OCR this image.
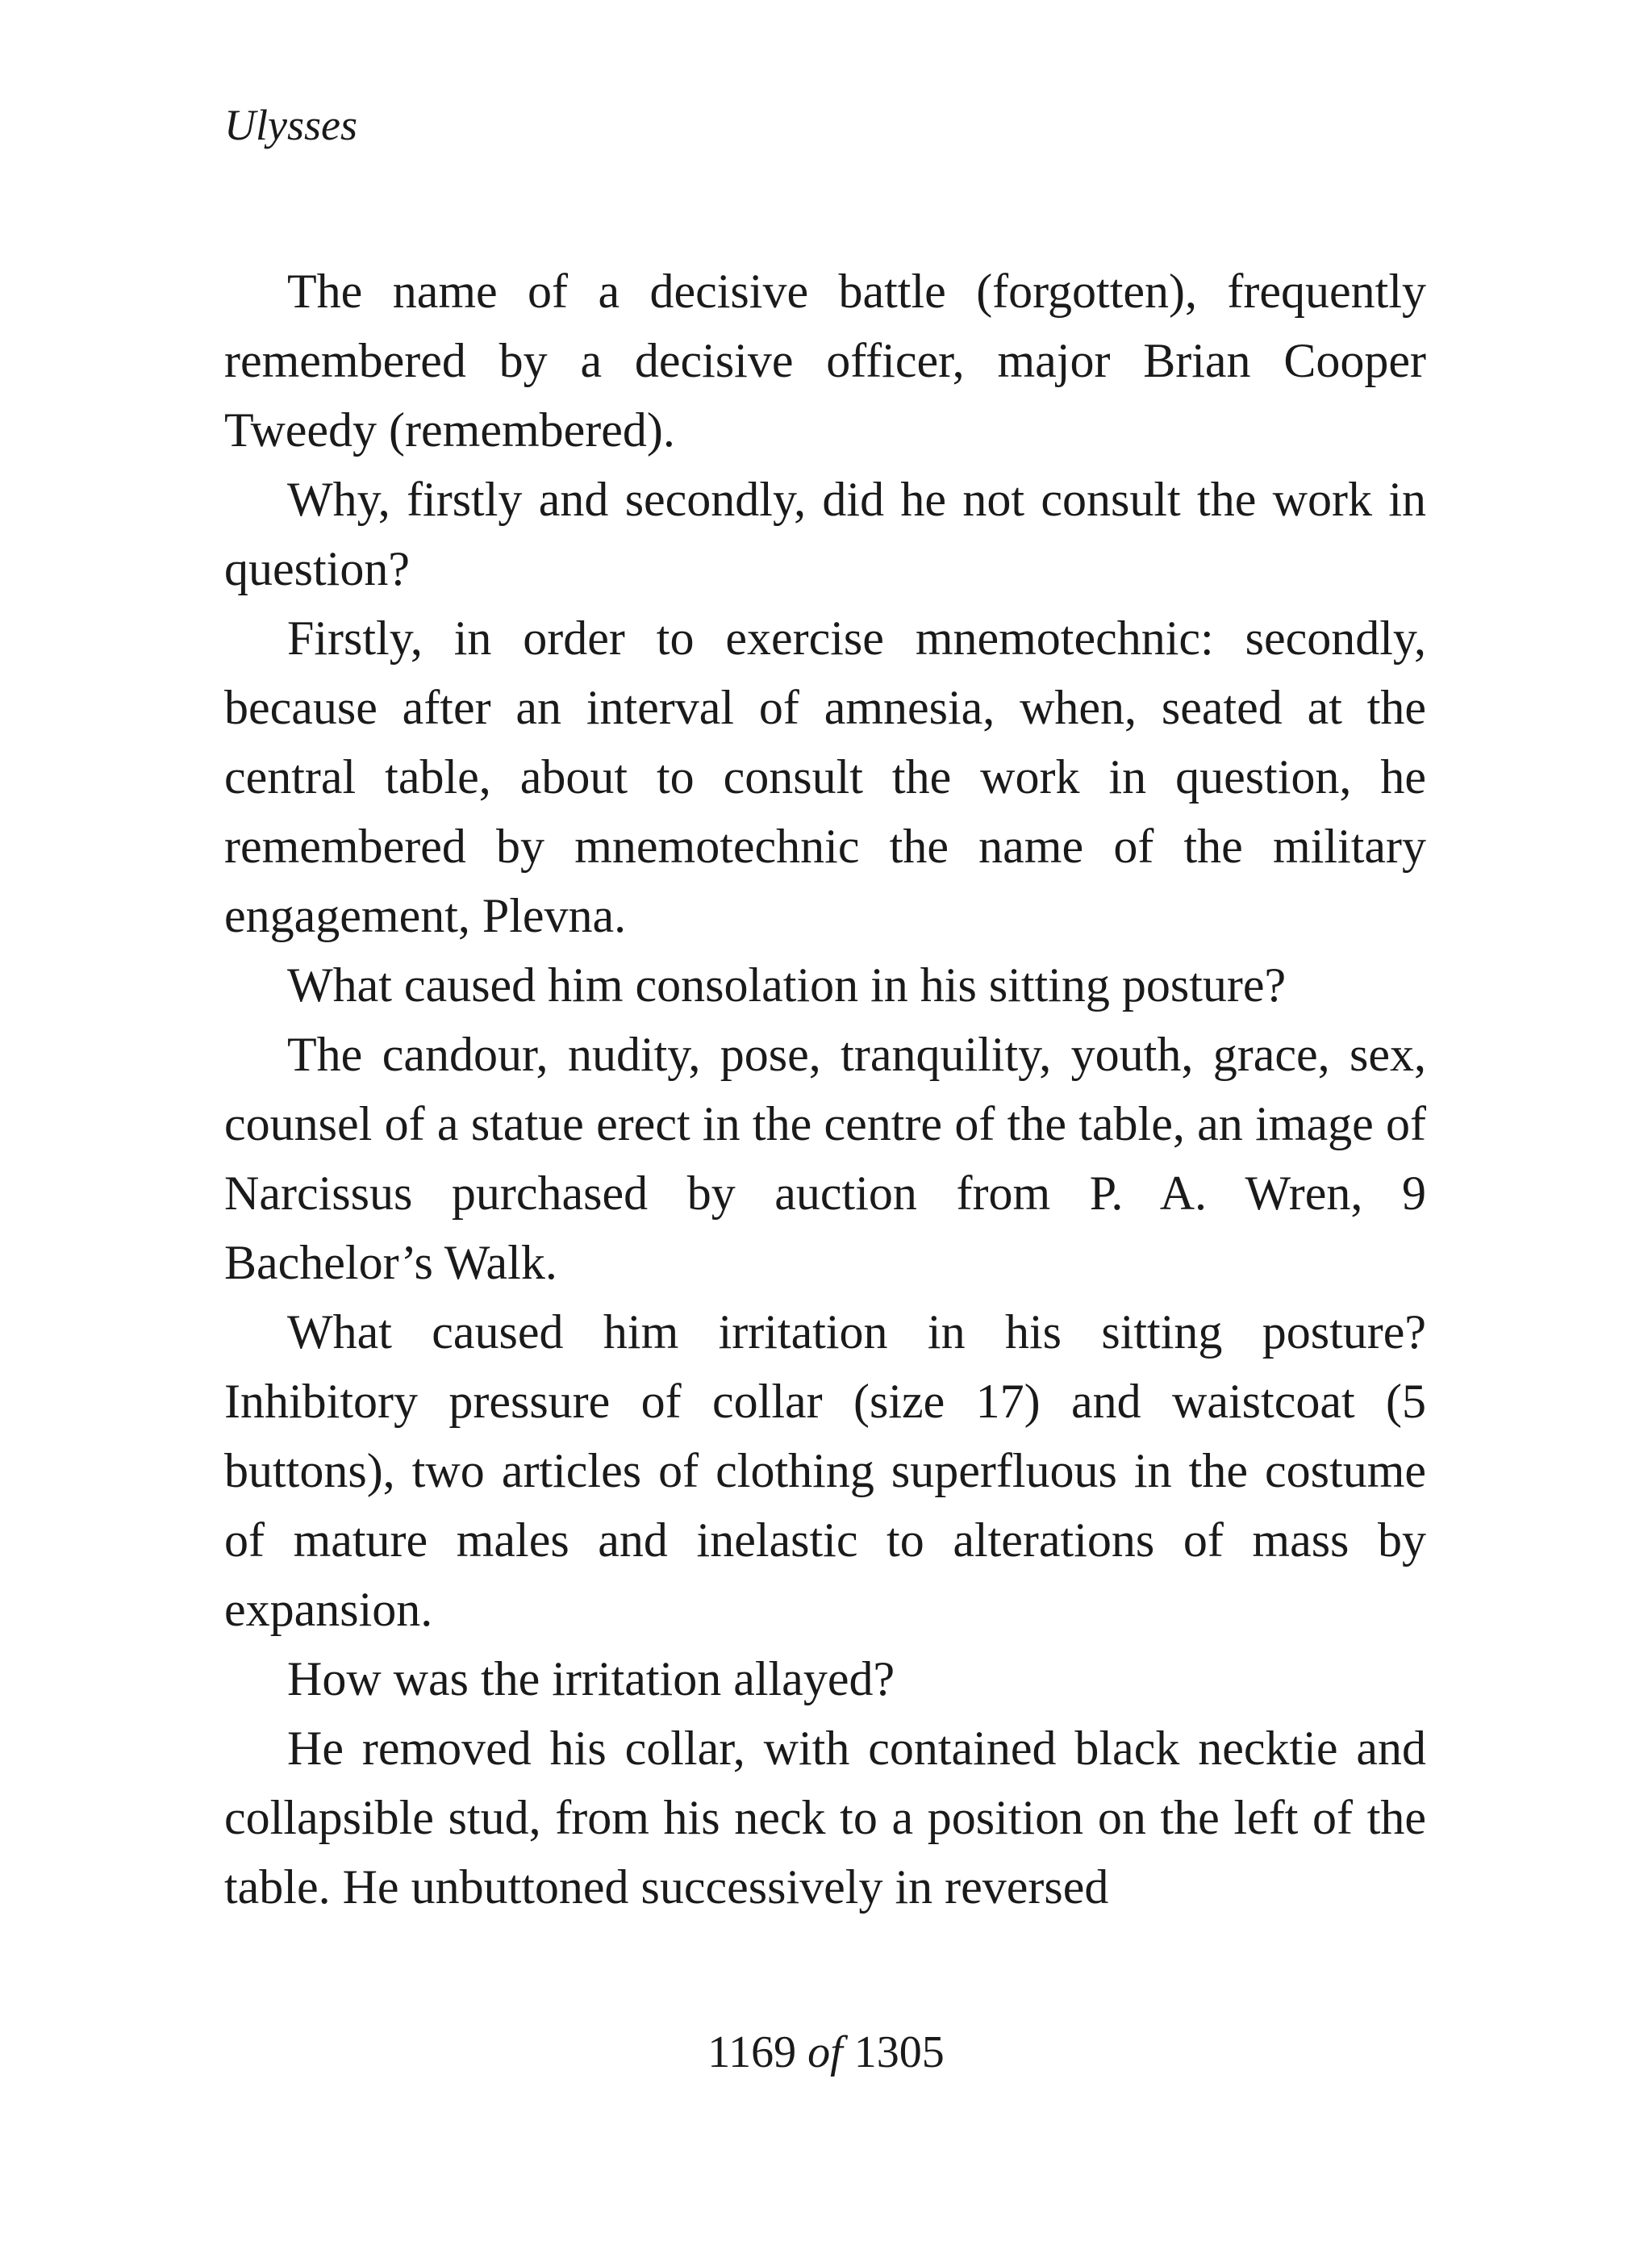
Ulysses

The name of a decisive battle (forgotten), frequently remembered by a decisive officer, major Brian Cooper Tweedy (remembered).

Why, firstly and secondly, did he not consult the work in question?

Firstly, in order to exercise mnemotechnic: secondly, because after an interval of amnesia, when, seated at the central table, about to consult the work in question, he remembered by mnemotechnic the name of the military engagement, Plevna.

What caused him consolation in his sitting posture?

The candour, nudity, pose, tranquility, youth, grace, sex, counsel of a statue erect in the centre of the table, an image of Narcissus purchased by auction from P. A. Wren, 9 Bachelor’s Walk.

What caused him irritation in his sitting posture? Inhibitory pressure of collar (size 17) and waistcoat (5 buttons), two articles of clothing superfluous in the costume of mature males and inelastic to alterations of mass by expansion.

How was the irritation allayed?

He removed his collar, with contained black necktie and collapsible stud, from his neck to a position on the left of the table. He unbuttoned successively in reversed

1169 of 1305
